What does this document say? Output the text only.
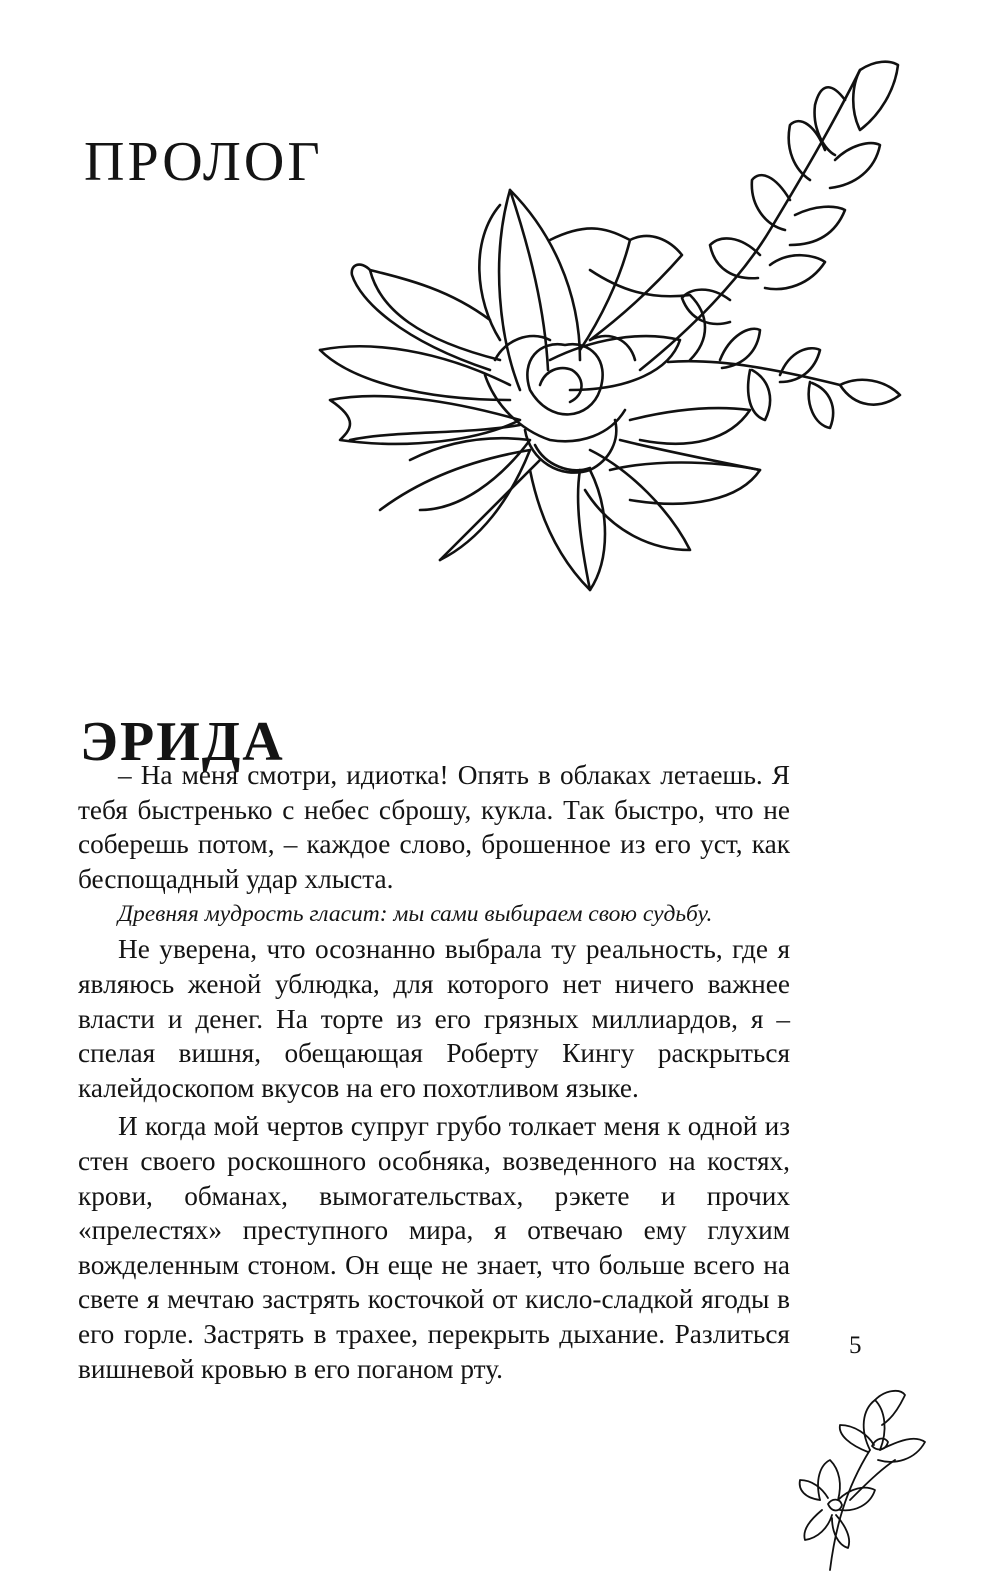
ПРОЛОГ
ЭРИДА

– На меня смотри, идиотка! Опять в облаках летаешь. Я тебя быстренько с небес сброшу, кукла. Так быстро, что не соберешь потом, – каждое слово, брошенное из его уст, как беспощадный удар хлыста.

Древняя мудрость гласит: мы сами выбираем свою судьбу.

Не уверена, что осознанно выбрала ту реальность, где я являюсь женой ублюдка, для которого нет ничего важнее власти и денег. На торте из его грязных миллиардов, я – спелая вишня, обещающая Роберту Кингу раскрыться калейдоскопом вкусов на его похотливом языке.

И когда мой чертов супруг грубо толкает меня к одной из стен своего роскошного особняка, возведенного на костях, крови, обманах, вымогательствах, рэкете и прочих «прелестях» преступного мира, я отвечаю ему глухим вожделенным стоном. Он еще не знает, что больше всего на свете я мечтаю застрять косточкой от кисло-сладкой ягоды в его горле. Застрять в трахее, перекрыть дыхание. Разлиться вишневой кровью в его поганом рту.

5
